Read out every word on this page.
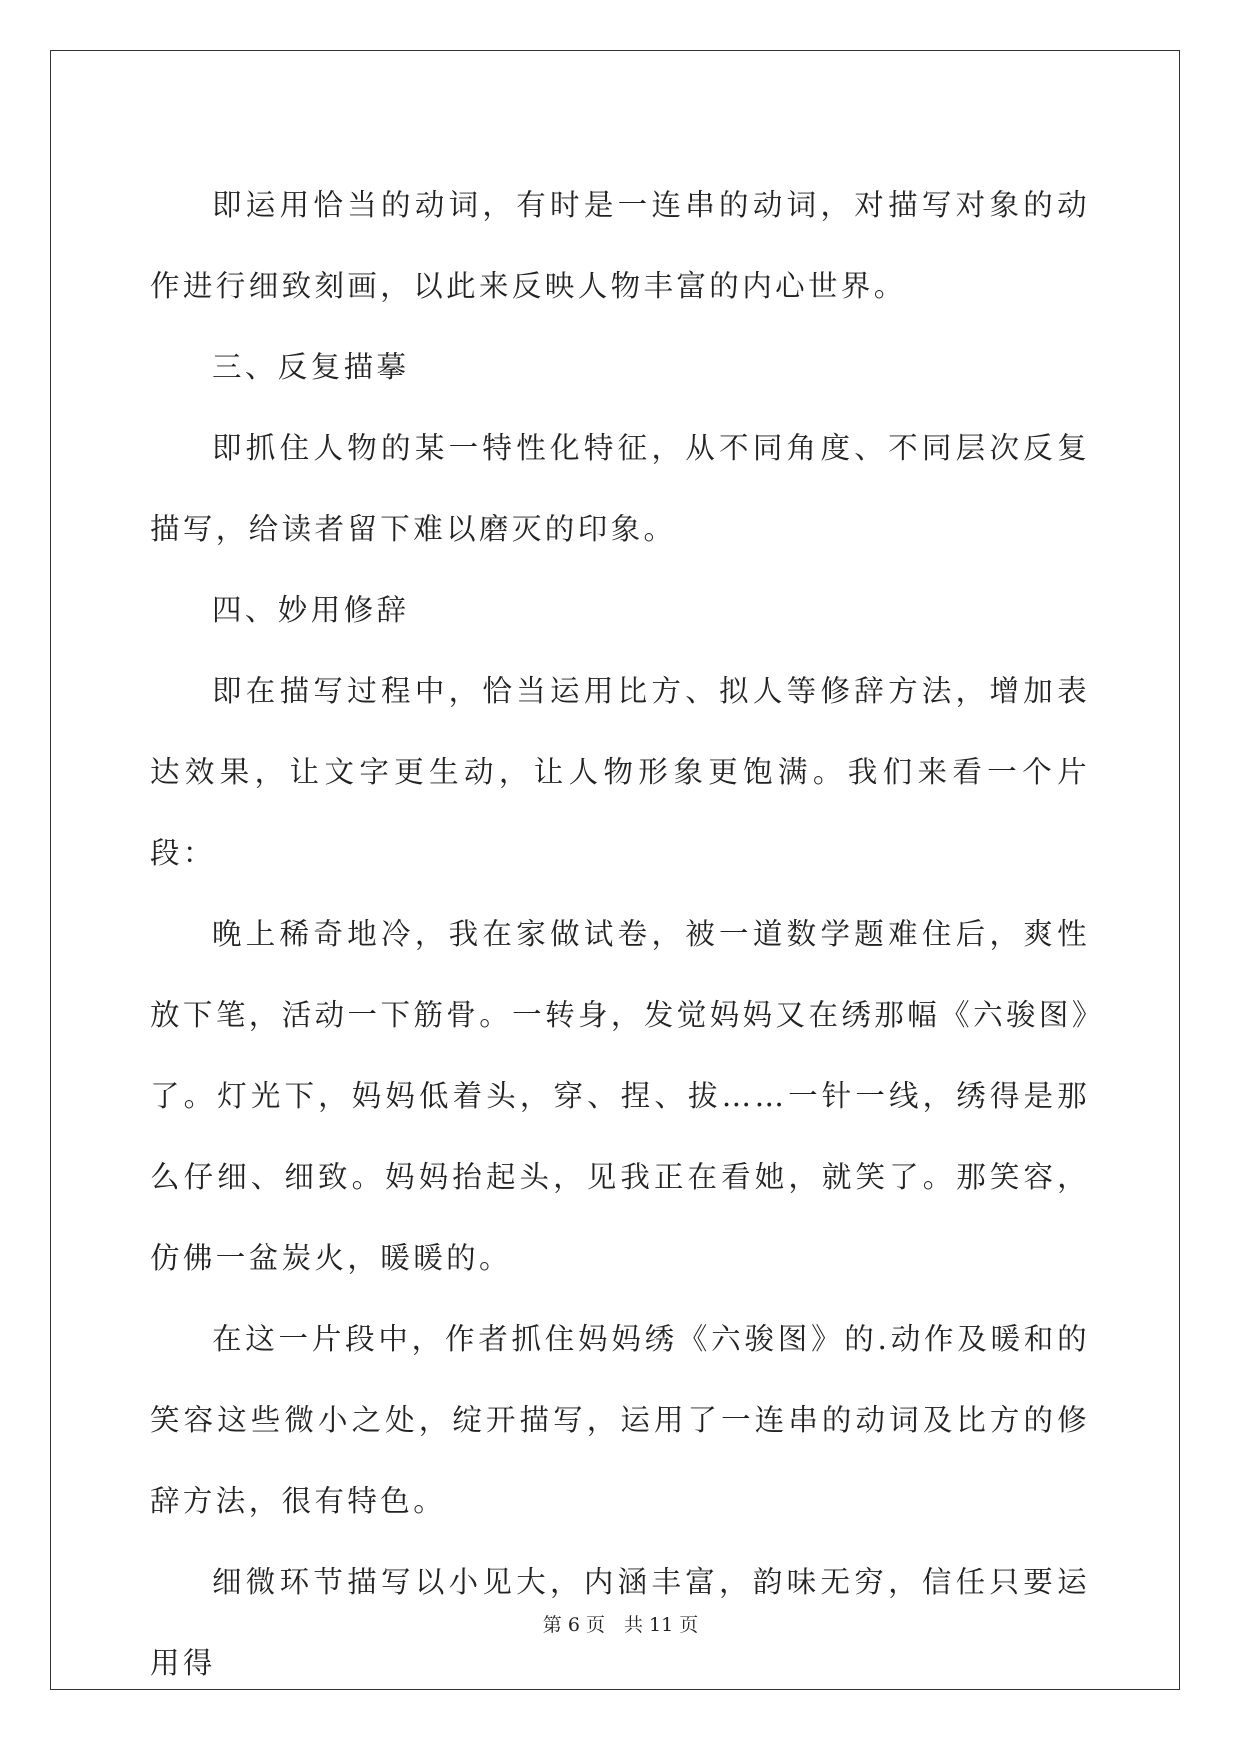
即运用恰当的动词，有时是一连串的动词，对描写对象的动作进行细致刻画，以此来反映人物丰富的内心世界。

三、反复描摹

即抓住人物的某一特性化特征，从不同角度、不同层次反复描写，给读者留下难以磨灭的印象。

四、妙用修辞

即在描写过程中，恰当运用比方、拟人等修辞方法，增加表达效果，让文字更生动，让人物形象更饱满。我们来看一个片段：

晚上稀奇地冷，我在家做试卷，被一道数学题难住后，爽性放下笔，活动一下筋骨。一转身，发觉妈妈又在绣那幅《六骏图》了。灯光下，妈妈低着头，穿、捏、拔……一针一线，绣得是那么仔细、细致。妈妈抬起头，见我正在看她，就笑了。那笑容，仿佛一盆炭火，暖暖的。

在这一片段中，作者抓住妈妈绣《六骏图》的.动作及暖和的笑容这些微小之处，绽开描写，运用了一连串的动词及比方的修辞方法，很有特色。

细微环节描写以小见大，内涵丰富，韵味无穷，信任只要运用得

第 6 页　共 11 页
